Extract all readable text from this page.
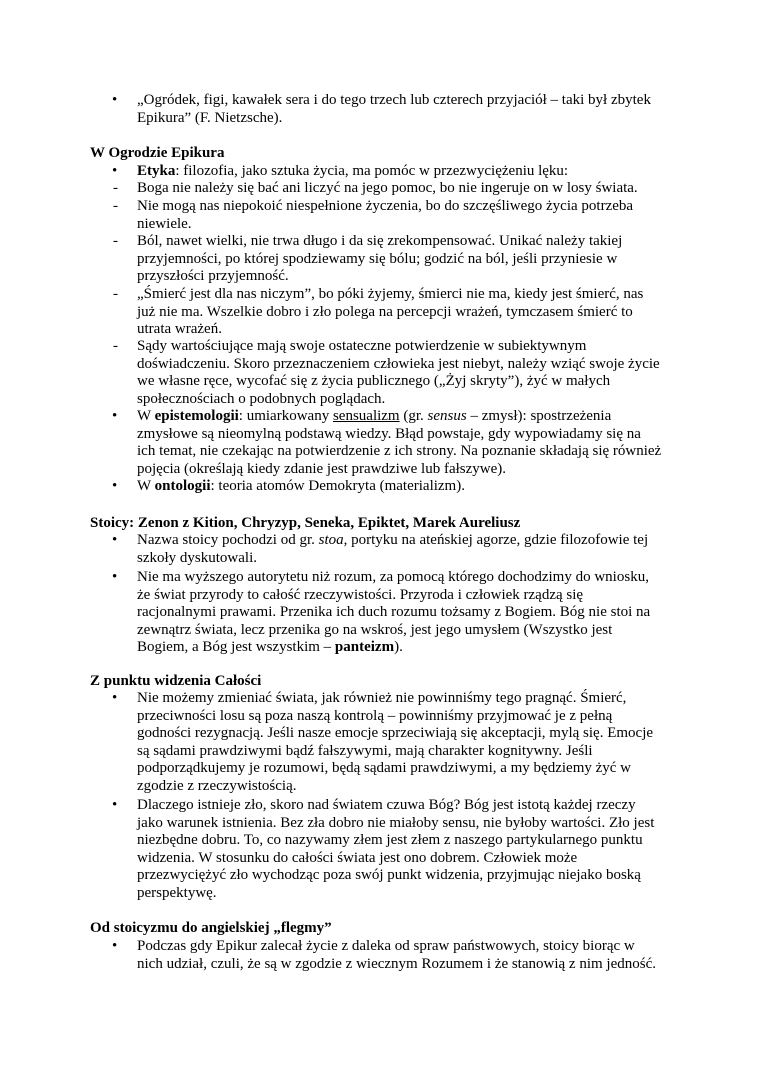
•	„Ogródek, figi, kawałek sera i do tego trzech lub czterech przyjaciół – taki był zbytek Epikura” (F. Nietzsche).
W Ogrodzie Epikura
•	Etyka: filozofia, jako sztuka życia, ma pomóc w przezwyciężeniu lęku:
-	Boga nie należy się bać ani liczyć na jego pomoc, bo nie ingeruje on w losy świata.
-	Nie mogą nas niepokoić niespełnione życzenia, bo do szczęśliwego życia potrzeba niewiele.
-	Ból, nawet wielki, nie trwa długo i da się zrekompensować. Unikać należy takiej przyjemności, po której spodziewamy się bólu; godzić na ból, jeśli przyniesie w przyszłości przyjemność.
-	„Śmierć jest dla nas niczym”, bo póki żyjemy, śmierci nie ma, kiedy jest śmierć, nas już nie ma. Wszelkie dobro i zło polega na percepcji wrażeń, tymczasem śmierć to utrata wrażeń.
-	Sądy wartościujące mają swoje ostateczne potwierdzenie w subiektywnym doświadczeniu. Skoro przeznaczeniem człowieka jest niebyt, należy wziąć swoje życie we własne ręce, wycofać się z życia publicznego („Żyj skryty”), żyć w małych społecznościach o podobnych poglądach.
•	W epistemologii: umiarkowany sensualizm (gr. sensus – zmysł): spostrzeżenia zmysłowe są nieomylną podstawą wiedzy. Błąd powstaje, gdy wypowiadamy się na ich temat, nie czekając na potwierdzenie z ich strony. Na poznanie składają się również pojęcia (określają kiedy zdanie jest prawdziwe lub fałszywe).
•	W ontologii: teoria atomów Demokryta (materializm).
Stoicy: Zenon z Kition, Chryzyp, Seneka, Epiktet, Marek Aureliusz
•	Nazwa stoicy pochodzi od gr. stoa, portyku na ateńskiej agorze, gdzie filozofowie tej szkoły dyskutowali.
•	Nie ma wyższego autorytetu niż rozum, za pomocą którego dochodzimy do wniosku, że świat przyrody to całość rzeczywistości. Przyroda i człowiek rządzą się racjonalnymi prawami. Przenika ich duch rozumu tożsamy z Bogiem. Bóg nie stoi na zewnątrz świata, lecz przenika go na wskroś, jest jego umysłem (Wszystko jest Bogiem, a Bóg jest wszystkim – panteizm).
Z punktu widzenia Całości
•	Nie możemy zmieniać świata, jak również nie powinniśmy tego pragnąć. Śmierć, przeciwności losu są poza naszą kontrolą – powinniśmy przyjmować je z pełną godności rezygnacją. Jeśli nasze emocje sprzeciwiają się akceptacji, mylą się. Emocje są sądami prawdziwymi bądź fałszywymi, mają charakter kognitywny. Jeśli podporządkujemy je rozumowi, będą sądami prawdziwymi, a my będziemy żyć w zgodzie z rzeczywistością.
•	Dlaczego istnieje zło, skoro nad światem czuwa Bóg? Bóg jest istotą każdej rzeczy jako warunek istnienia. Bez zła dobro nie miałoby sensu, nie byłoby wartości. Zło jest niezbędne dobru. To, co nazywamy złem jest złem z naszego partykularnego punktu widzenia. W stosunku do całości świata jest ono dobrem. Człowiek może przezwyciężyć zło wychodząc poza swój punkt widzenia, przyjmując niejako boską perspektywę.
Od stoicyzmu do angielskiej „flegmy”
•	Podczas gdy Epikur zalecał życie z daleka od spraw państwowych, stoicy biorąc w nich udział, czuli, że są w zgodzie z wiecznym Rozumem i że stanowią z nim jedność.
